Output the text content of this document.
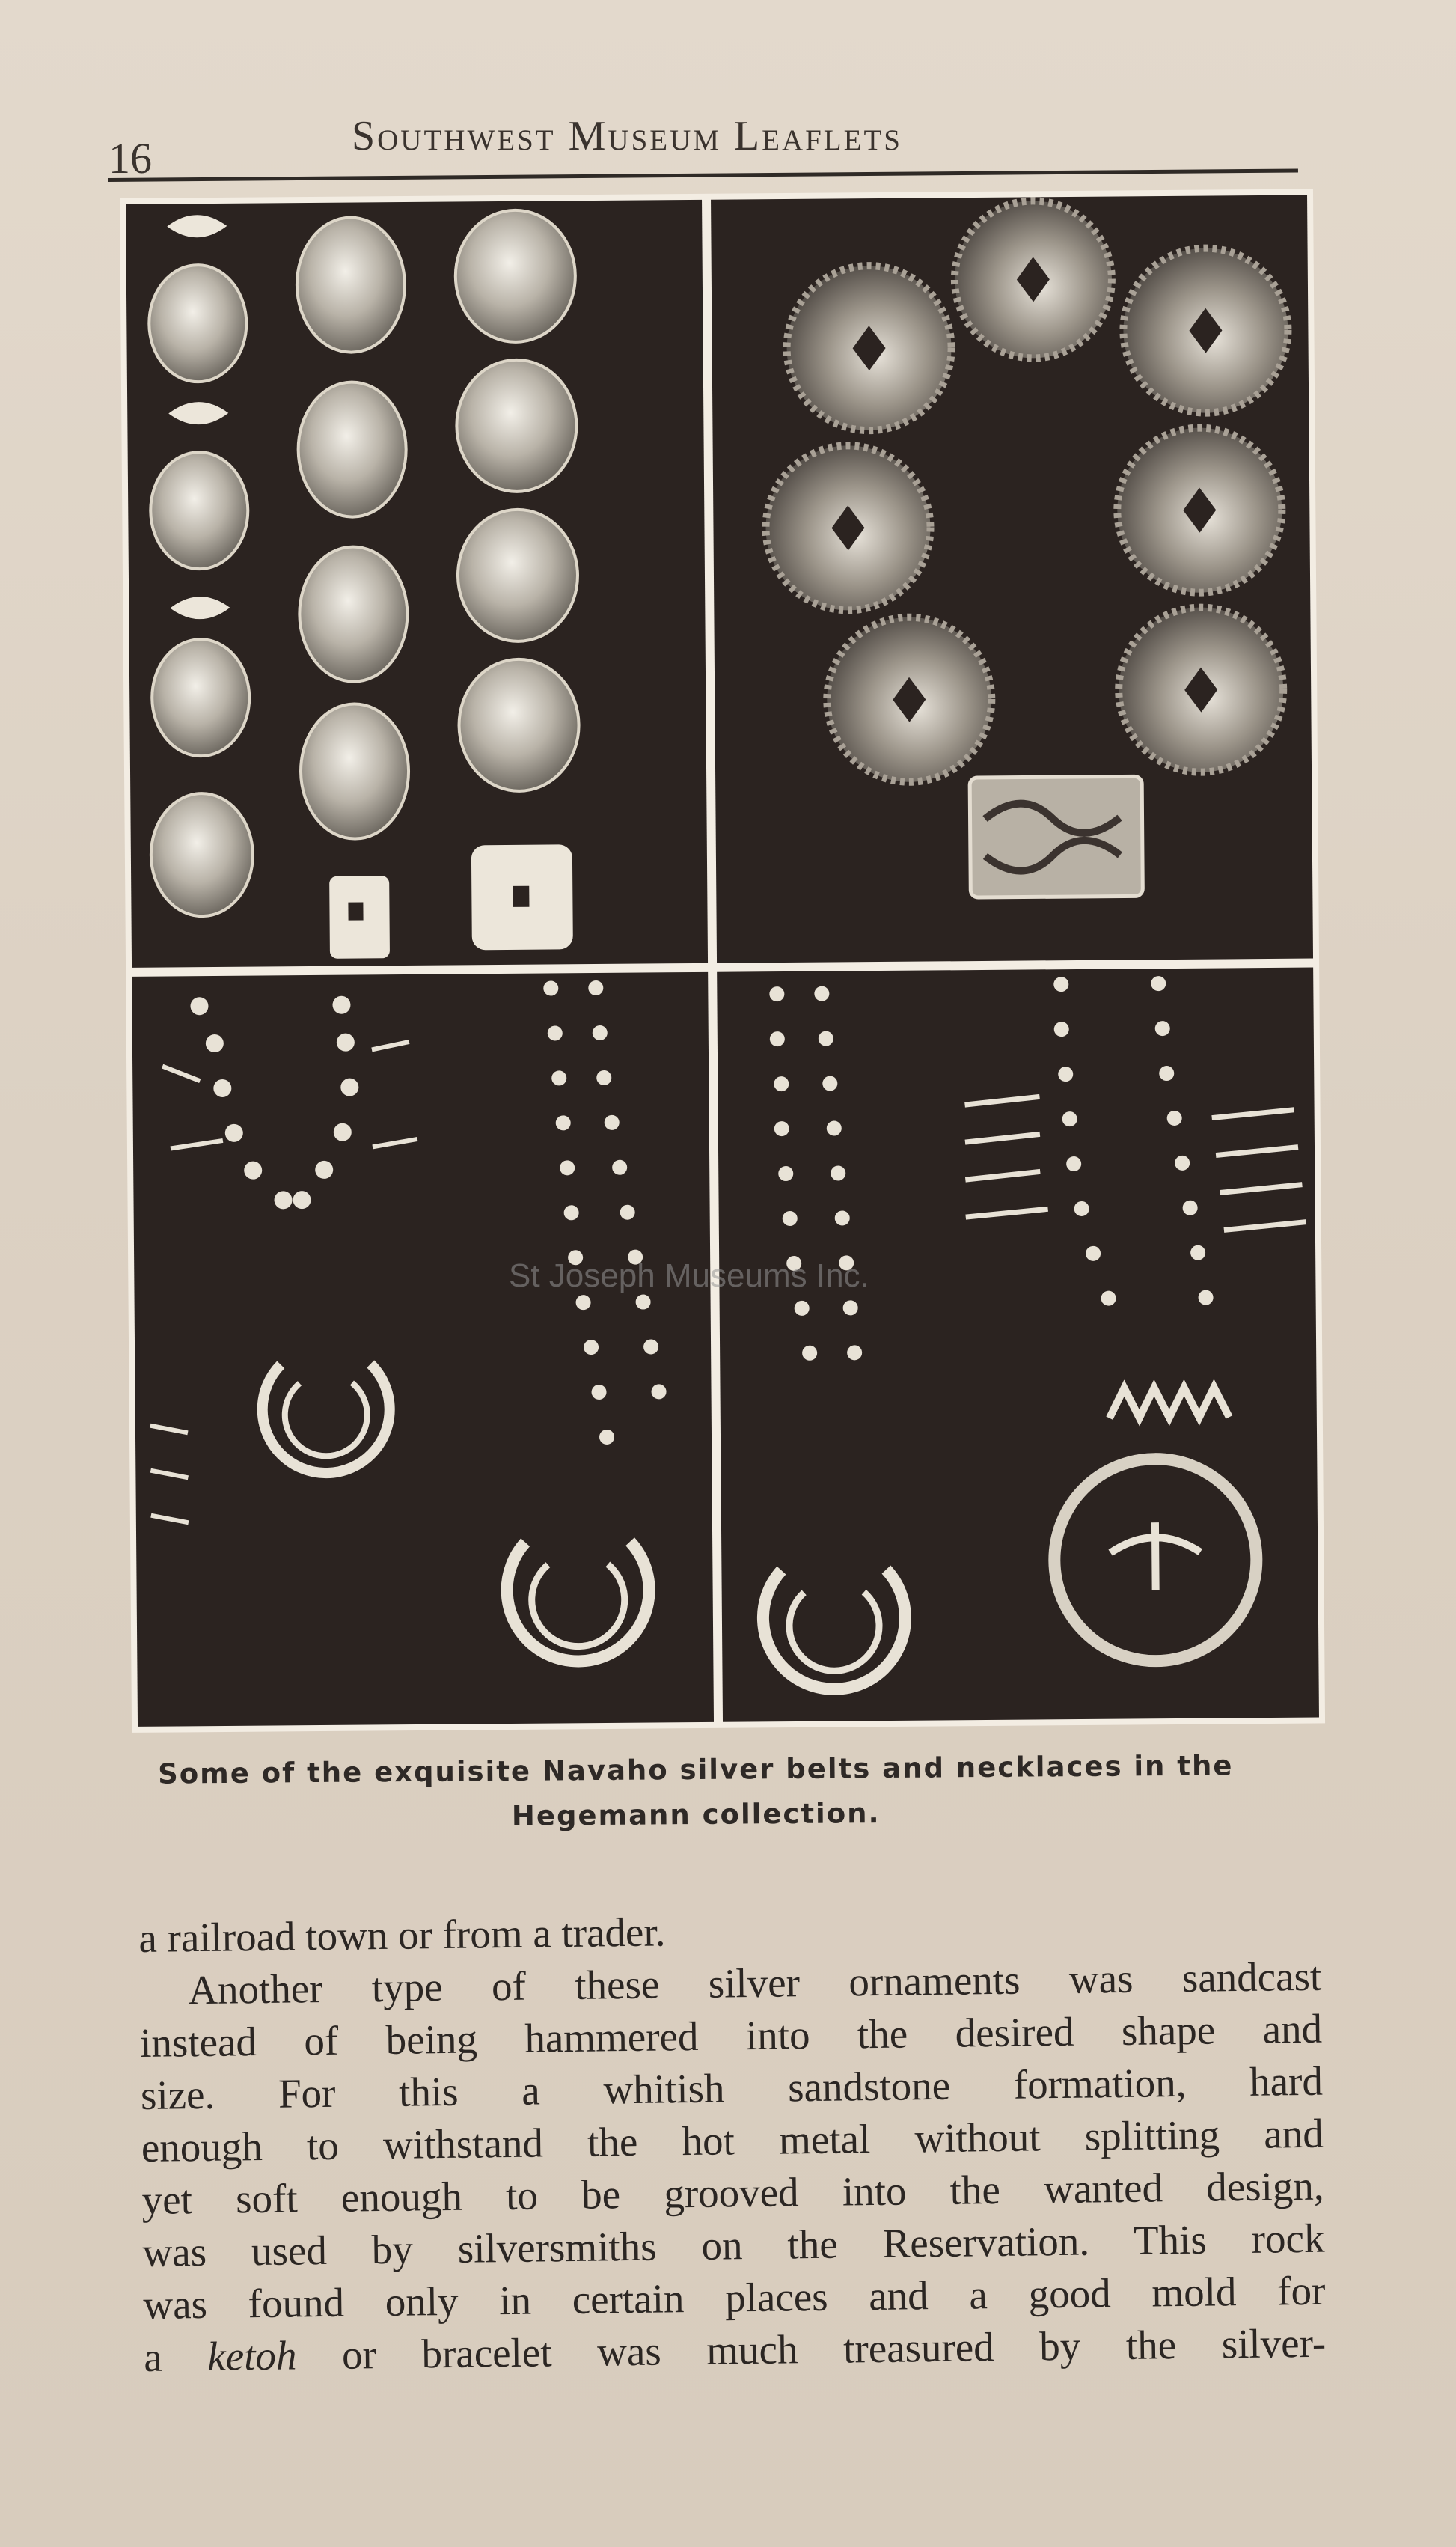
16	Southwest Museum Leaflets
St Joseph Museums Inc.
Some of the exquisite Navaho silver belts and necklaces in the
Hegemann collection.
a railroad town or from a trader.
Another type of these silver ornaments was sandcast
instead of being hammered into the desired shape and
size. For this a whitish sandstone formation, hard
enough to withstand the hot metal without splitting and
yet soft enough to be grooved into the wanted design,
was used by silversmiths on the Reservation. This rock
was found only in certain places and a good mold for
a ketoh or bracelet was much treasured by the silver-
